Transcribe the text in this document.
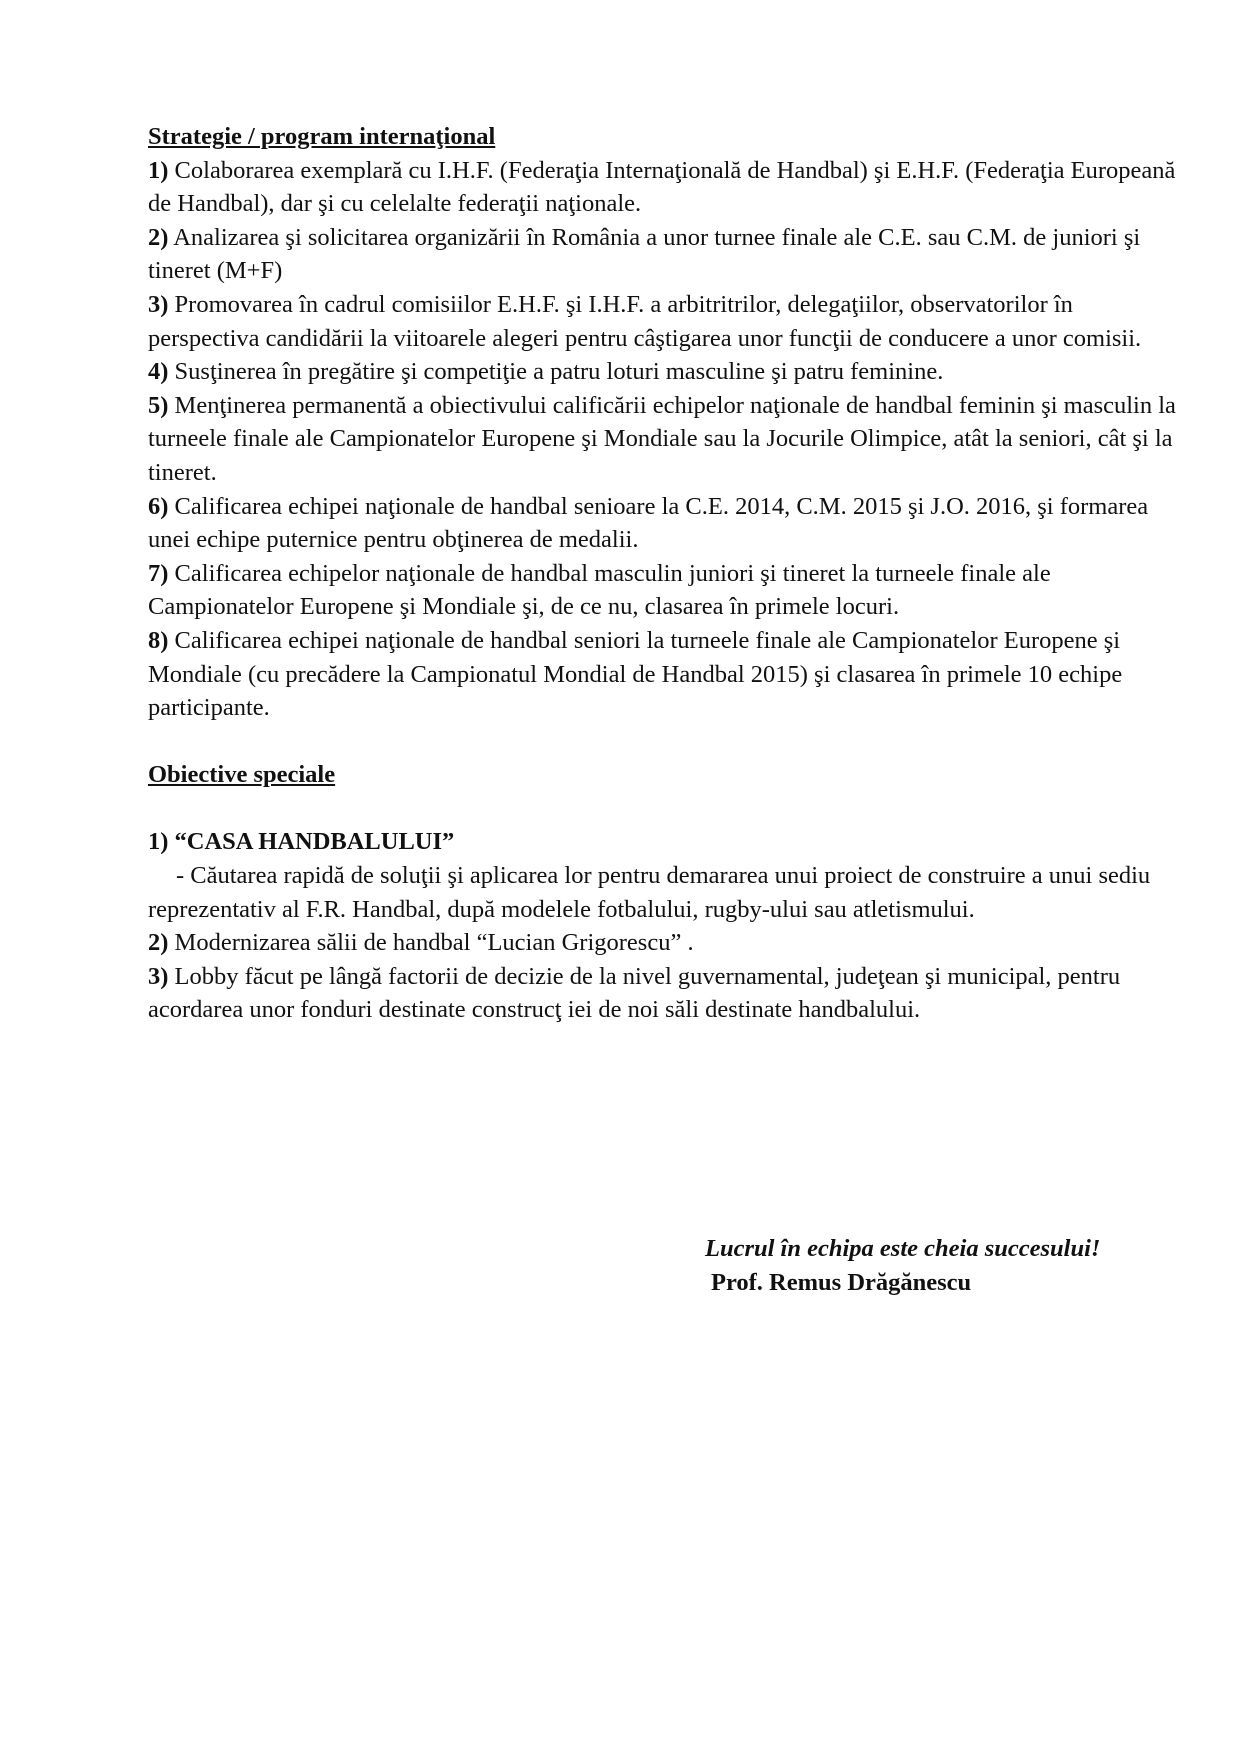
Strategie / program internaţional

1) Colaborarea exemplară cu I.H.F. (Federaţia Internaţională de Handbal) şi E.H.F. (Federaţia Europeană de Handbal), dar şi cu celelalte federaţii naţionale.

2) Analizarea şi solicitarea organizării în România a unor turnee finale ale C.E. sau C.M. de juniori şi tineret (M+F)

3) Promovarea în cadrul comisiilor E.H.F. şi I.H.F. a arbitritrilor, delegaţiilor, observatorilor în perspectiva candidării la viitoarele alegeri pentru câştigarea unor funcţii de conducere a unor comisii.

4) Susţinerea în pregătire şi competiţie a patru loturi masculine şi patru feminine.

5) Menţinerea permanentă a obiectivului calificării echipelor naţionale de handbal feminin şi masculin la turneele finale ale Campionatelor Europene şi Mondiale sau la Jocurile Olimpice, atât la seniori, cât şi la tineret.

6) Calificarea echipei naţionale de handbal senioare la C.E. 2014, C.M. 2015 şi J.O. 2016, şi formarea unei echipe puternice pentru obţinerea de medalii.

7) Calificarea echipelor naţionale de handbal masculin juniori şi tineret la turneele finale ale Campionatelor Europene şi Mondiale şi, de ce nu, clasarea în primele locuri.

8) Calificarea echipei naţionale de handbal seniori la turneele finale ale Campionatelor Europene şi Mondiale (cu precădere la Campionatul Mondial de Handbal 2015) şi clasarea în primele 10 echipe participante.

Obiective speciale

1) “CASA HANDBALULUI”

- Căutarea rapidă de soluţii şi aplicarea lor pentru demararea unui proiect de construire a unui sediu reprezentativ al F.R. Handbal, după modelele fotbalului, rugby-ului sau atletismului.

2) Modernizarea sălii de handbal “Lucian Grigorescu” .

3) Lobby făcut pe lângă factorii de decizie de la nivel guvernamental, judeţean şi municipal, pentru acordarea unor fonduri destinate construcţ iei de noi săli destinate handbalului.

Lucrul în echipa este cheia succesului!

Prof. Remus Drăgănescu
